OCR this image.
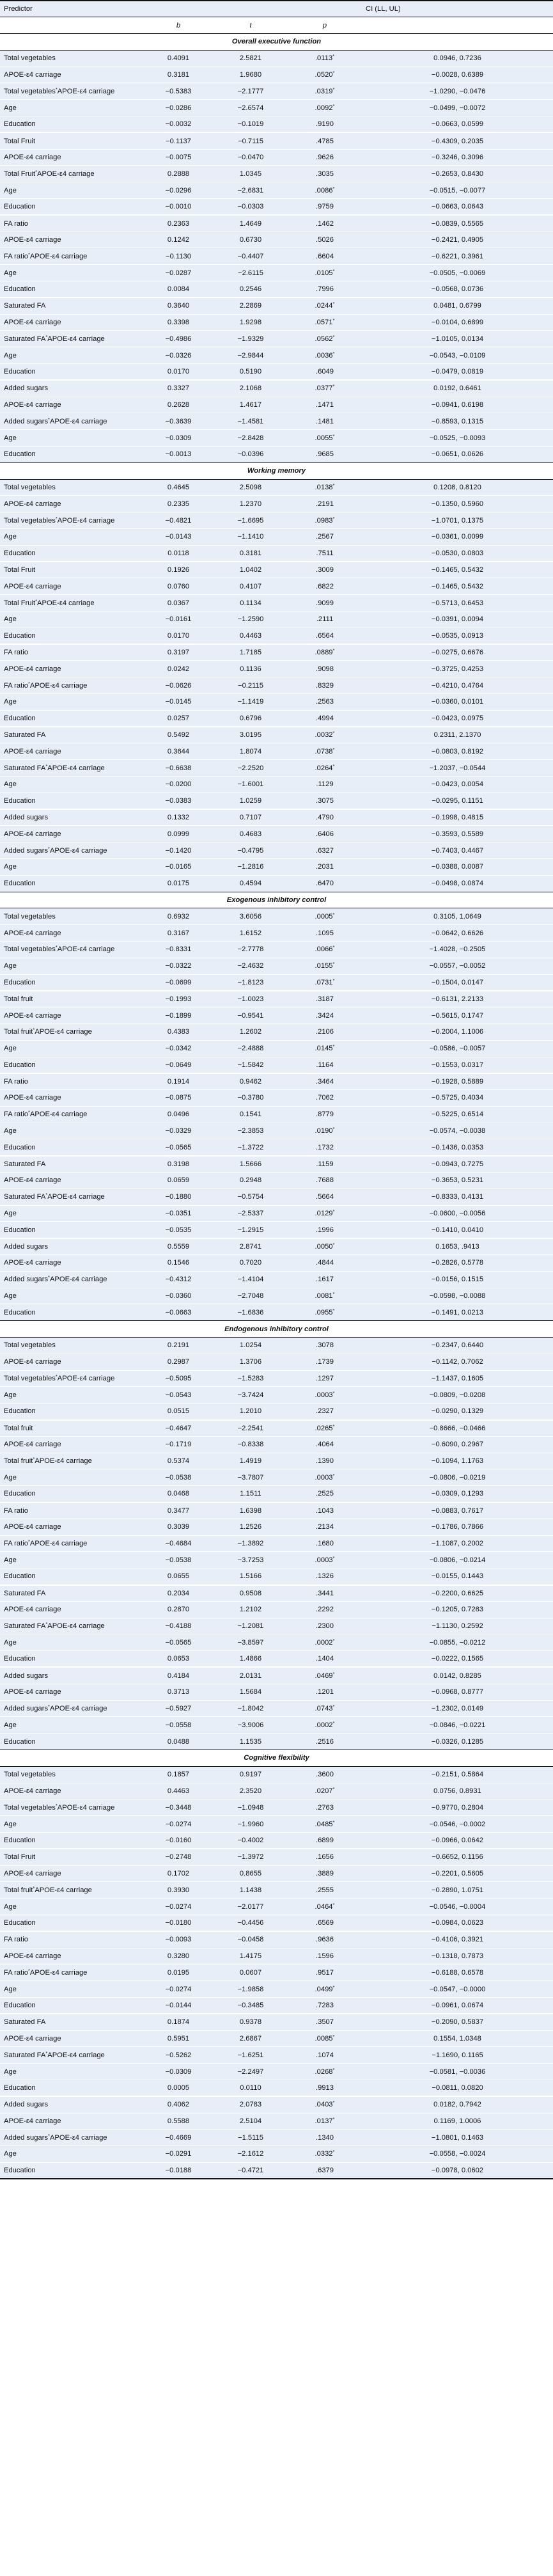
Predictor				CI (LL, UL)
	b	t	p	
Overall executive function				
Total vegetables	0.4091	2.5821	.0113*	0.0946, 0.7236
APOE-ε4 carriage	0.3181	1.9680	.0520*	−0.0028, 0.6389
Total vegetables*APOE-ε4 carriage	−0.5383	−2.1777	.0319*	−1.0290, −0.0476
Age	−0.0286	−2.6574	.0092*	−0.0499, −0.0072
Education	−0.0032	−0.1019	.9190	−0.0663, 0.0599
Total Fruit	−0.1137	−0.7115	.4785	−0.4309, 0.2035
APOE-ε4 carriage	−0.0075	−0.0470	.9626	−0.3246, 0.3096
Total Fruit*APOE-ε4 carriage	0.2888	1.0345	.3035	−0.2653, 0.8430
Age	−0.0296	−2.6831	.0086*	−0.0515, −0.0077
Education	−0.0010	−0.0303	.9759	−0.0663, 0.0643
FA ratio	0.2363	1.4649	.1462	−0.0839, 0.5565
APOE-ε4 carriage	0.1242	0.6730	.5026	−0.2421, 0.4905
FA ratio*APOE-ε4 carriage	−0.1130	−0.4407	.6604	−0.6221, 0.3961
Age	−0.0287	−2.6115	.0105*	−0.0505, −0.0069
Education	0.0084	0.2546	.7996	−0.0568, 0.0736
Saturated FA	0.3640	2.2869	.0244*	0.0481, 0.6799
APOE-ε4 carriage	0.3398	1.9298	.0571*	−0.0104, 0.6899
Saturated FA*APOE-ε4 carriage	−0.4986	−1.9329	.0562*	−1.0105, 0.0134
Age	−0.0326	−2.9844	.0036*	−0.0543, −0.0109
Education	0.0170	0.5190	.6049	−0.0479, 0.0819
Added sugars	0.3327	2.1068	.0377*	0.0192, 0.6461
APOE-ε4 carriage	0.2628	1.4617	.1471	−0.0941, 0.6198
Added sugars*APOE-ε4 carriage	−0.3639	−1.4581	.1481	−0.8593, 0.1315
Age	−0.0309	−2.8428	.0055*	−0.0525, −0.0093
Education	−0.0013	−0.0396	.9685	−0.0651, 0.0626
Working memory				
Total vegetables	0.4645	2.5098	.0138*	0.1208, 0.8120
APOE-ε4 carriage	0.2335	1.2370	.2191	−0.1350, 0.5960
Total vegetables*APOE-ε4 carriage	−0.4821	−1.6695	.0983*	−1.0701, 0.1375
Age	−0.0143	−1.1410	.2567	−0.0361, 0.0099
Education	0.0118	0.3181	.7511	−0.0530, 0.0803
Total Fruit	0.1926	1.0402	.3009	−0.1465, 0.5432
APOE-ε4 carriage	0.0760	0.4107	.6822	−0.1465, 0.5432
Total Fruit*APOE-ε4 carriage	0.0367	0.1134	.9099	−0.5713, 0.6453
Age	−0.0161	−1.2590	.2111	−0.0391, 0.0094
Education	0.0170	0.4463	.6564	−0.0535, 0.0913
FA ratio	0.3197	1.7185	.0889*	−0.0275, 0.6676
APOE-ε4 carriage	0.0242	0.1136	.9098	−0.3725, 0.4253
FA ratio*APOE-ε4 carriage	−0.0626	−0.2115	.8329	−0.4210, 0.4764
Age	−0.0145	−1.1419	.2563	−0.0360, 0.0101
Education	0.0257	0.6796	.4994	−0.0423, 0.0975
Saturated FA	0.5492	3.0195	.0032*	0.2311, 2.1370
APOE-ε4 carriage	0.3644	1.8074	.0738*	−0.0803, 0.8192
Saturated FA*APOE-ε4 carriage	−0.6638	−2.2520	.0264*	−1.2037, −0.0544
Age	−0.0200	−1.6001	.1129	−0.0423, 0.0054
Education	−0.0383	1.0259	.3075	−0.0295, 0.1151
Added sugars	0.1332	0.7107	.4790	−0.1998, 0.4815
APOE-ε4 carriage	0.0999	0.4683	.6406	−0.3593, 0.5589
Added sugars*APOE-ε4 carriage	−0.1420	−0.4795	.6327	−0.7403, 0.4467
Age	−0.0165	−1.2816	.2031	−0.0388, 0.0087
Education	0.0175	0.4594	.6470	−0.0498, 0.0874
Exogenous inhibitory control				
Total vegetables	0.6932	3.6056	.0005*	0.3105, 1.0649
APOE-ε4 carriage	0.3167	1.6152	.1095	−0.0642, 0.6626
Total vegetables*APOE-ε4 carriage	−0.8331	−2.7778	.0066*	−1.4028, −0.2505
Age	−0.0322	−2.4632	.0155*	−0.0557, −0.0052
Education	−0.0699	−1.8123	.0731*	−0.1504, 0.0147
Total fruit	−0.1993	−1.0023	.3187	−0.6131, 2.2133
APOE-ε4 carriage	−0.1899	−0.9541	.3424	−0.5615, 0.1747
Total fruit*APOE-ε4 carriage	0.4383	1.2602	.2106	−0.2004, 1.1006
Age	−0.0342	−2.4888	.0145*	−0.0586, −0.0057
Education	−0.0649	−1.5842	.1164	−0.1553, 0.0317
FA ratio	0.1914	0.9462	.3464	−0.1928, 0.5889
APOE-ε4 carriage	−0.0875	−0.3780	.7062	−0.5725, 0.4034
FA ratio*APOE-ε4 carriage	0.0496	0.1541	.8779	−0.5225, 0.6514
Age	−0.0329	−2.3853	.0190*	−0.0574, −0.0038
Education	−0.0565	−1.3722	.1732	−0.1436, 0.0353
Saturated FA	0.3198	1.5666	.1159	−0.0943, 0.7275
APOE-ε4 carriage	0.0659	0.2948	.7688	−0.3653, 0.5231
Saturated FA*APOE-ε4 carriage	−0.1880	−0.5754	.5664	−0.8333, 0.4131
Age	−0.0351	−2.5337	.0129*	−0.0600, −0.0056
Education	−0.0535	−1.2915	.1996	−0.1410, 0.0410
Added sugars	0.5559	2.8741	.0050*	0.1653, .9413
APOE-ε4 carriage	0.1546	0.7020	.4844	−0.2826, 0.5778
Added sugars*APOE-ε4 carriage	−0.4312	−1.4104	.1617	−0.0156, 0.1515
Age	−0.0360	−2.7048	.0081*	−0.0598, −0.0088
Education	−0.0663	−1.6836	.0955*	−0.1491, 0.0213
Endogenous inhibitory control				
Total vegetables	0.2191	1.0254	.3078	−0.2347, 0.6440
APOE-ε4 carriage	0.2987	1.3706	.1739	−0.1142, 0.7062
Total vegetables*APOE-ε4 carriage	−0.5095	−1.5283	.1297	−1.1437, 0.1605
Age	−0.0543	−3.7424	.0003*	−0.0809, −0.0208
Education	0.0515	1.2010	.2327	−0.0290, 0.1329
Total fruit	−0.4647	−2.2541	.0265*	−0.8666, −0.0466
APOE-ε4 carriage	−0.1719	−0.8338	.4064	−0.6090, 0.2967
Total fruit*APOE-ε4 carriage	0.5374	1.4919	.1390	−0.1094, 1.1763
Age	−0.0538	−3.7807	.0003*	−0.0806, −0.0219
Education	0.0468	1.1511	.2525	−0.0309, 0.1293
FA ratio	0.3477	1.6398	.1043	−0.0883, 0.7617
APOE-ε4 carriage	0.3039	1.2526	.2134	−0.1786, 0.7866
FA ratio*APOE-ε4 carriage	−0.4684	−1.3892	.1680	−1.1087, 0.2002
Age	−0.0538	−3.7253	.0003*	−0.0806, −0.0214
Education	0.0655	1.5166	.1326	−0.0155, 0.1443
Saturated FA	0.2034	0.9508	.3441	−0.2200, 0.6625
APOE-ε4 carriage	0.2870	1.2102	.2292	−0.1205, 0.7283
Saturated FA*APOE-ε4 carriage	−0.4188	−1.2081	.2300	−1.1130, 0.2592
Age	−0.0565	−3.8597	.0002*	−0.0855, −0.0212
Education	0.0653	1.4866	.1404	−0.0222, 0.1565
Added sugars	0.4184	2.0131	.0469*	0.0142, 0.8285
APOE-ε4 carriage	0.3713	1.5684	.1201	−0.0968, 0.8777
Added sugars*APOE-ε4 carriage	−0.5927	−1.8042	.0743*	−1.2302, 0.0149
Age	−0.0558	−3.9006	.0002*	−0.0846, −0.0221
Education	0.0488	1.1535	.2516	−0.0326, 0.1285
Cognitive flexibility				
Total vegetables	0.1857	0.9197	.3600	−0.2151, 0.5864
APOE-ε4 carriage	0.4463	2.3520	.0207*	0.0756, 0.8931
Total vegetables*APOE-ε4 carriage	−0.3448	−1.0948	.2763	−0.9770, 0.2804
Age	−0.0274	−1.9960	.0485*	−0.0546, −0.0002
Education	−0.0160	−0.4002	.6899	−0.0966, 0.0642
Total Fruit	−0.2748	−1.3972	.1656	−0.6652, 0.1156
APOE-ε4 carriage	0.1702	0.8655	.3889	−0.2201, 0.5605
Total fruit*APOE-ε4 carriage	0.3930	1.1438	.2555	−0.2890, 1.0751
Age	−0.0274	−2.0177	.0464*	−0.0546, −0.0004
Education	−0.0180	−0.4456	.6569	−0.0984, 0.0623
FA ratio	−0.0093	−0.0458	.9636	−0.4106, 0.3921
APOE-ε4 carriage	0.3280	1.4175	.1596	−0.1318, 0.7873
FA ratio*APOE-ε4 carriage	0.0195	0.0607	.9517	−0.6188, 0.6578
Age	−0.0274	−1.9858	.0499*	−0.0547, −0.0000
Education	−0.0144	−0.3485	.7283	−0.0961, 0.0674
Saturated FA	0.1874	0.9378	.3507	−0.2090, 0.5837
APOE-ε4 carriage	0.5951	2.6867	.0085*	0.1554, 1.0348
Saturated FA*APOE-ε4 carriage	−0.5262	−1.6251	.1074	−1.1690, 0.1165
Age	−0.0309	−2.2497	.0268*	−0.0581, −0.0036
Education	0.0005	0.0110	.9913	−0.0811, 0.0820
Added sugars	0.4062	2.0783	.0403*	0.0182, 0.7942
APOE-ε4 carriage	0.5588	2.5104	.0137*	0.1169, 1.0006
Added sugars*APOE-ε4 carriage	−0.4669	−1.5115	.1340	−1.0801, 0.1463
Age	−0.0291	−2.1612	.0332*	−0.0558, −0.0024
Education	−0.0188	−0.4721	.6379	−0.0978, 0.0602
